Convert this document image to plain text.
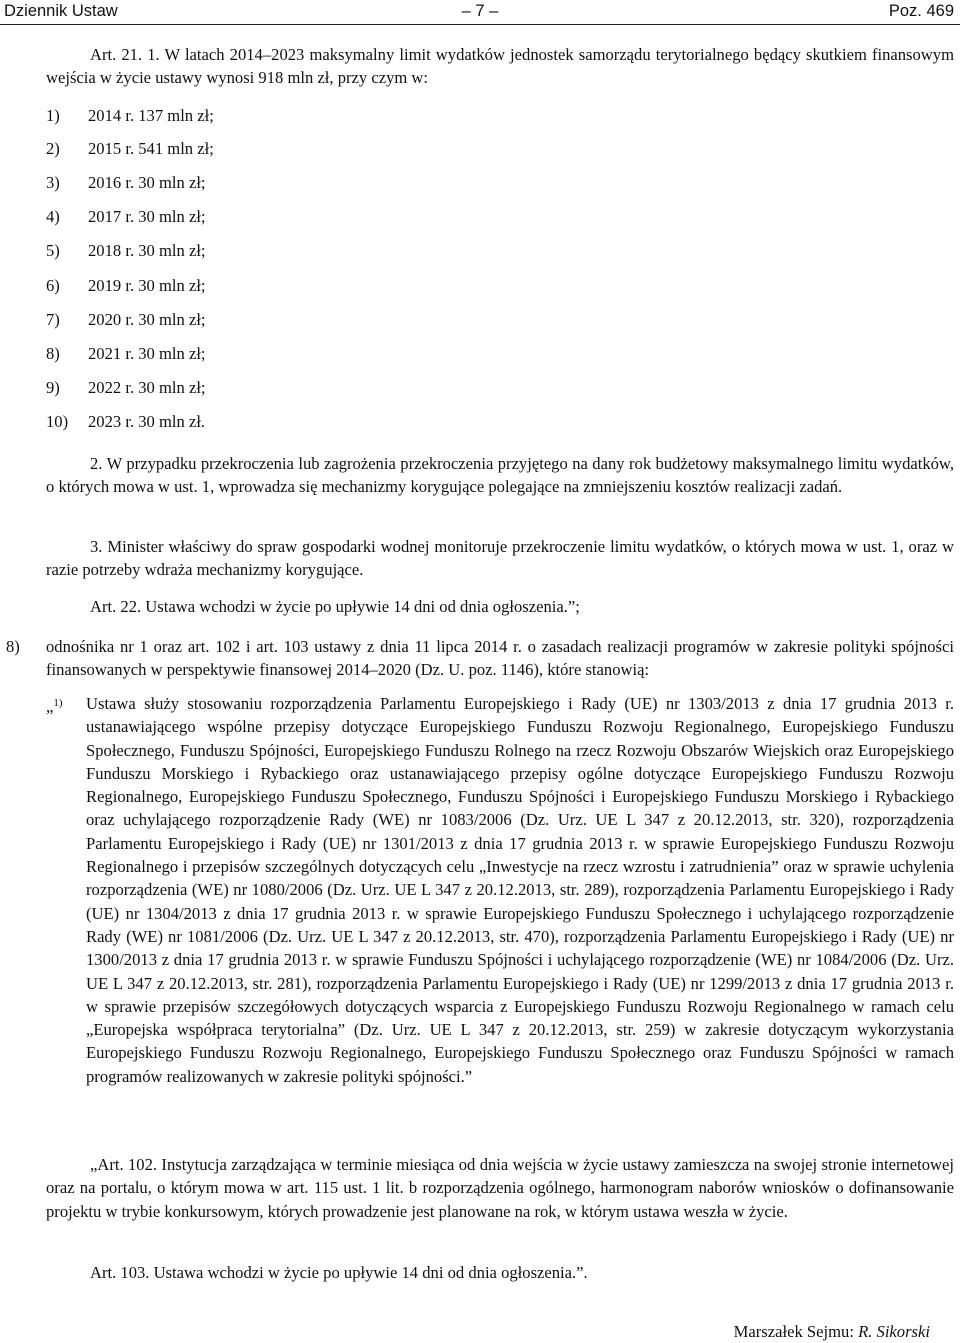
Dziennik Ustaw	– 7 –	Poz. 469
Art. 21. 1. W latach 2014–2023 maksymalny limit wydatków jednostek samorządu terytorialnego będący skutkiem finansowym wejścia w życie ustawy wynosi 918 mln zł, przy czym w:
1) 2014 r. 137 mln zł;
2) 2015 r. 541 mln zł;
3) 2016 r. 30 mln zł;
4) 2017 r. 30 mln zł;
5) 2018 r. 30 mln zł;
6) 2019 r. 30 mln zł;
7) 2020 r. 30 mln zł;
8) 2021 r. 30 mln zł;
9) 2022 r. 30 mln zł;
10) 2023 r. 30 mln zł.
2. W przypadku przekroczenia lub zagrożenia przekroczenia przyjętego na dany rok budżetowy maksymalnego limitu wydatków, o których mowa w ust. 1, wprowadza się mechanizmy korygujące polegające na zmniejszeniu kosztów realizacji zadań.
3. Minister właściwy do spraw gospodarki wodnej monitoruje przekroczenie limitu wydatków, o których mowa w ust. 1, oraz w razie potrzeby wdraża mechanizmy korygujące.
Art. 22. Ustawa wchodzi w życie po upływie 14 dni od dnia ogłoszenia.”;
8) odnośnika nr 1 oraz art. 102 i art. 103 ustawy z dnia 11 lipca 2014 r. o zasadach realizacji programów w zakresie polityki spójności finansowanych w perspektywie finansowej 2014–2020 (Dz. U. poz. 1146), które stanowią:
„$^{1)}$ Ustawa służy stosowaniu rozporządzenia Parlamentu Europejskiego i Rady (UE) nr 1303/2013 z dnia 17 grudnia 2013 r. ustanawiającego wspólne przepisy dotyczące Europejskiego Funduszu Rozwoju Regionalnego, Europejskiego Funduszu Społecznego, Funduszu Spójności, Europejskiego Funduszu Rolnego na rzecz Rozwoju Obszarów Wiejskich oraz Europejskiego Funduszu Morskiego i Rybackiego oraz ustanawiającego przepisy ogólne dotyczące Europejskiego Funduszu Rozwoju Regionalnego, Europejskiego Funduszu Społecznego, Funduszu Spójności i Europejskiego Funduszu Morskiego i Rybackiego oraz uchylającego rozporządzenie Rady (WE) nr 1083/2006 (Dz. Urz. UE L 347 z 20.12.2013, str. 320), rozporządzenia Parlamentu Europejskiego i Rady (UE) nr 1301/2013 z dnia 17 grudnia 2013 r. w sprawie Europejskiego Funduszu Rozwoju Regionalnego i przepisów szczególnych dotyczących celu „Inwestycje na rzecz wzrostu i zatrudnienia” oraz w sprawie uchylenia rozporządzenia (WE) nr 1080/2006 (Dz. Urz. UE L 347 z 20.12.2013, str. 289), rozporządzenia Parlamentu Europejskiego i Rady (UE) nr 1304/2013 z dnia 17 grudnia 2013 r. w sprawie Europejskiego Funduszu Społecznego i uchylającego rozporządzenie Rady (WE) nr 1081/2006 (Dz. Urz. UE L 347 z 20.12.2013, str. 470), rozporządzenia Parlamentu Europejskiego i Rady (UE) nr 1300/2013 z dnia 17 grudnia 2013 r. w sprawie Funduszu Spójności i uchylającego rozporządzenie (WE) nr 1084/2006 (Dz. Urz. UE L 347 z 20.12.2013, str. 281), rozporządzenia Parlamentu Europejskiego i Rady (UE) nr 1299/2013 z dnia 17 grudnia 2013 r. w sprawie przepisów szczegółowych dotyczących wsparcia z Europejskiego Funduszu Rozwoju Regionalnego w ramach celu „Europejska współpraca terytorialna” (Dz. Urz. UE L 347 z 20.12.2013, str. 259) w zakresie dotyczącym wykorzystania Europejskiego Funduszu Rozwoju Regionalnego, Europejskiego Funduszu Społecznego oraz Funduszu Spójności w ramach programów realizowanych w zakresie polityki spójności.”
„Art. 102. Instytucja zarządzająca w terminie miesiąca od dnia wejścia w życie ustawy zamieszcza na swojej stronie internetowej oraz na portalu, o którym mowa w art. 115 ust. 1 lit. b rozporządzenia ogólnego, harmonogram naborów wniosków o dofinansowanie projektu w trybie konkursowym, których prowadzenie jest planowane na rok, w którym ustawa weszła w życie.
Art. 103. Ustawa wchodzi w życie po upływie 14 dni od dnia ogłoszenia.”.
Marszałek Sejmu: R. Sikorski
